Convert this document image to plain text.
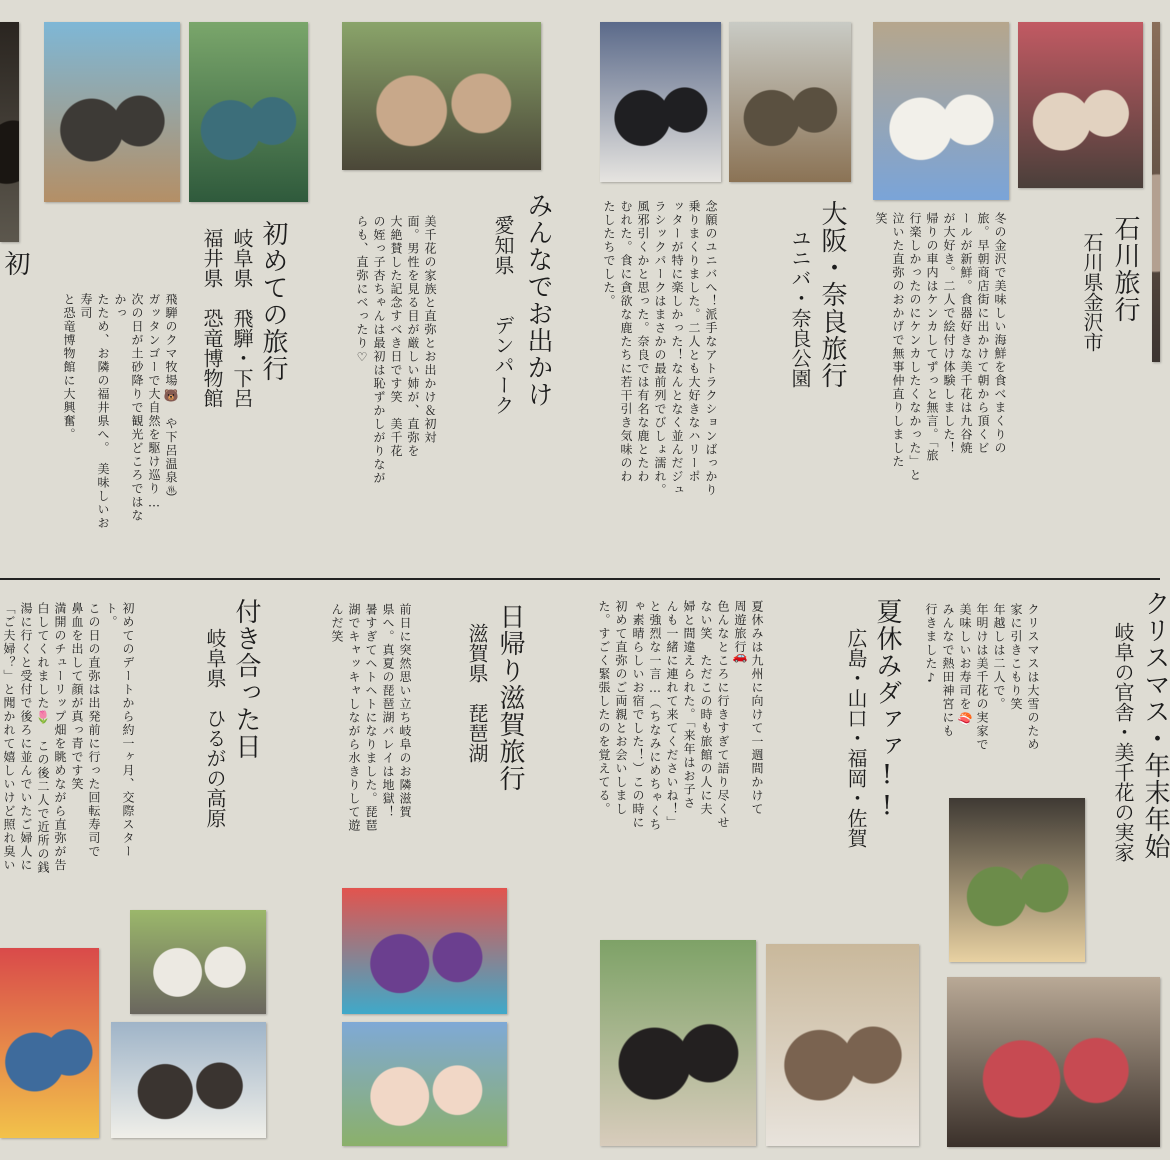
初	初めての旅行
岐阜県　飛騨・下呂
福井県　恐竜博物館
飛騨のクマ牧場🐻　や下呂温泉♨
ガッタンゴーで大自然を駆け巡り…
次の日が土砂降りで観光どころではなかっ
たため、お隣の福井県へ。　美味しいお寿司
と恐竜博物館に大興奮。	みんなでお出かけ
愛知県　　デンパーク
美千花の家族と直弥とお出かけ＆初対
面。男性を見る目が厳しい姉が、直弥を
大絶賛した記念すべき日です笑　美千花
の姪っ子杏ちゃんは最初は恥ずかしがりなが
らも、直弥にベったり♡	大阪・奈良旅行
ユニバ・奈良公園
念願のユニバへ！派手なアトラクションばっかり
乗りまくりました。二人とも大好きなハリーポ
ッターが特に楽しかった！なんとなく並んだジュ
ラシックパークはまさかの最前列でびしょ濡れ。
風邪引くかと思った。奈良では有名な鹿とたわ
むれた。食に貪欲な鹿たちに若干引き気味のわ
たしたちでした。	石川旅行
石川県金沢市
冬の金沢で美味しい海鮮を食べまくりの
旅。早朝商店街に出かけて朝から頂くビ
ールが新鮮。食器好きな美千花は九谷焼
が大好き。二人で絵付け体験しました！
帰りの車内はケンカしてずっと無言。「旅
行楽しかったのにケンカしたくなかった」と
泣いた直弥のおかげで無事仲直りしました
笑
付き合った日
岐阜県　ひるがの高原
初めてのデートから約一ヶ月、交際スター
ト。
この日の直弥は出発前に行った回転寿司で
鼻血を出して顔が真っ青です笑
満開のチューリップ畑を眺めながら直弥が告
白してくれました🌷　この後二人で近所の銭
湯に行くと受付で後ろに並んでいたご婦人に
「ご夫婦？」と聞かれて嬉しいけど照れ臭い	日帰り滋賀旅行
滋賀県　琵琶湖
前日に突然思い立ち岐阜のお隣滋賀
県へ。真夏の琵琶湖バレイは地獄！
暑すぎてヘトヘトになりました。琵琶
湖でキャッキャしながら水きりして遊
んだ笑	夏休みダァァ!!
広島・山口・福岡・佐賀
夏休みは九州に向けて一週間かけて
周遊旅行🚗
色んなところに行きすぎて語り尽くせ
ない笑　ただこの時も旅館の人に夫
婦と間違えられた。「来年はお子さ
んも一緒に連れて来てくださいね！」
と強烈な一言…（ちなみにめちゃくち
ゃ素晴らしいお宿でした！）この時に
初めて直弥のご両親とお会いしまし
た。すごく緊張したのを覚えてる。	クリスマス・年末年始
岐阜の官舎・美千花の実家
クリスマスは大雪のため
家に引きこもり笑
年越しは二人で。
年明けは美千花の実家で
美味しいお寿司を🍣
みんなで熱田神宮にも
行きました♪
